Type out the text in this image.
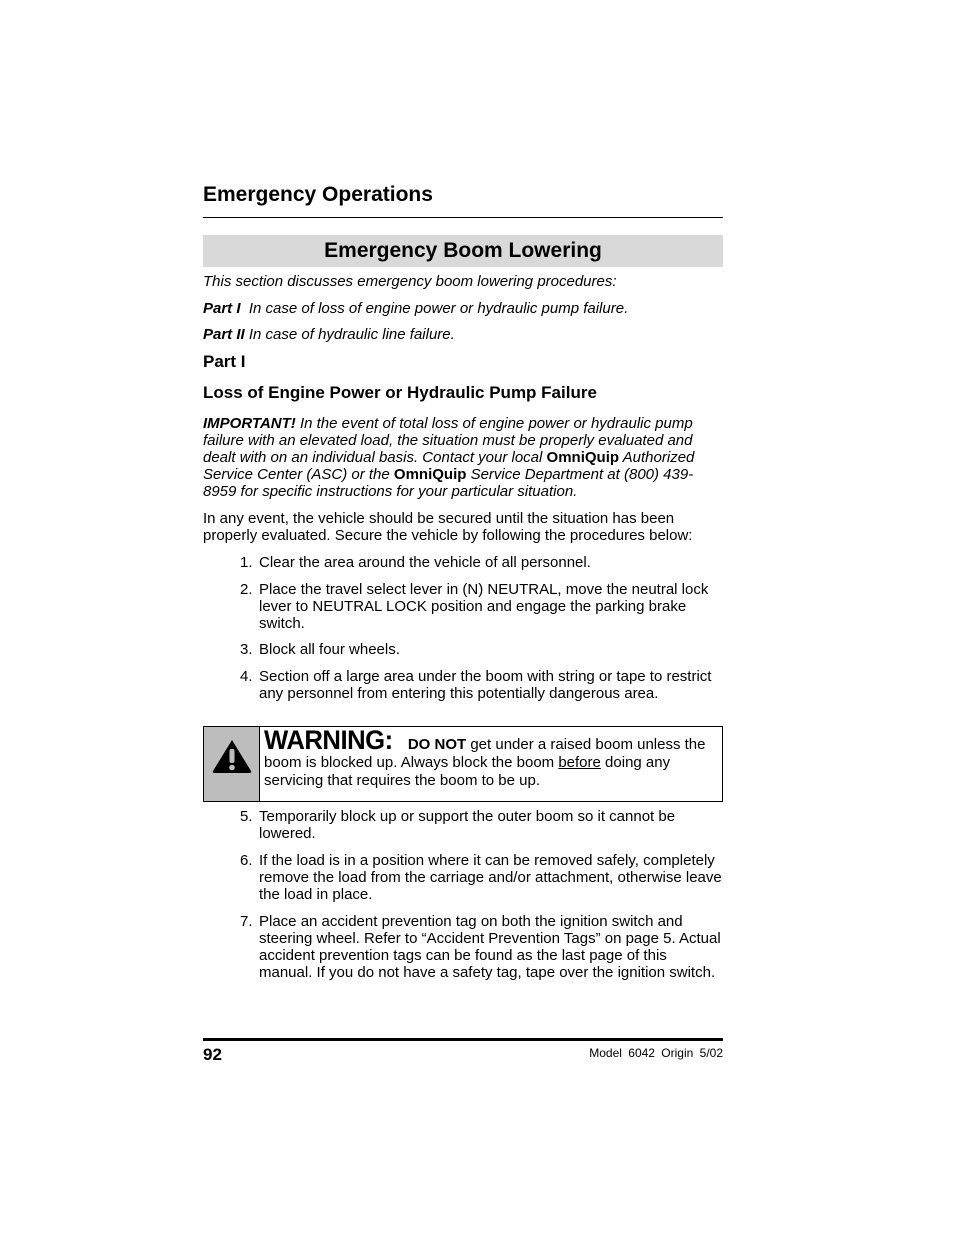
Emergency Operations
Emergency Boom Lowering

This section discusses emergency boom lowering procedures:

Part I In case of loss of engine power or hydraulic pump failure.

Part II In case of hydraulic line failure.

Part I
Loss of Engine Power or Hydraulic Pump Failure

IMPORTANT! In the event of total loss of engine power or hydraulic pump failure with an elevated load, the situation must be properly evaluated and dealt with on an individual basis. Contact your local OmniQuip Authorized Service Center (ASC) or the OmniQuip Service Department at (800) 439-8959 for specific instructions for your particular situation.

In any event, the vehicle should be secured until the situation has been properly evaluated. Secure the vehicle by following the procedures below:

1. Clear the area around the vehicle of all personnel.
2. Place the travel select lever in (N) NEUTRAL, move the neutral lock lever to NEUTRAL LOCK position and engage the parking brake switch.
3. Block all four wheels.
4. Section off a large area under the boom with string or tape to restrict any personnel from entering this potentially dangerous area.
WARNING: DO NOT get under a raised boom unless the boom is blocked up. Always block the boom before doing any servicing that requires the boom to be up.
5. Temporarily block up or support the outer boom so it cannot be lowered.
6. If the load is in a position where it can be removed safely, completely remove the load from the carriage and/or attachment, otherwise leave the load in place.
7. Place an accident prevention tag on both the ignition switch and steering wheel. Refer to “Accident Prevention Tags” on page 5. Actual accident prevention tags can be found as the last page of this manual. If you do not have a safety tag, tape over the ignition switch.
92	Model 6042 Origin 5/02
